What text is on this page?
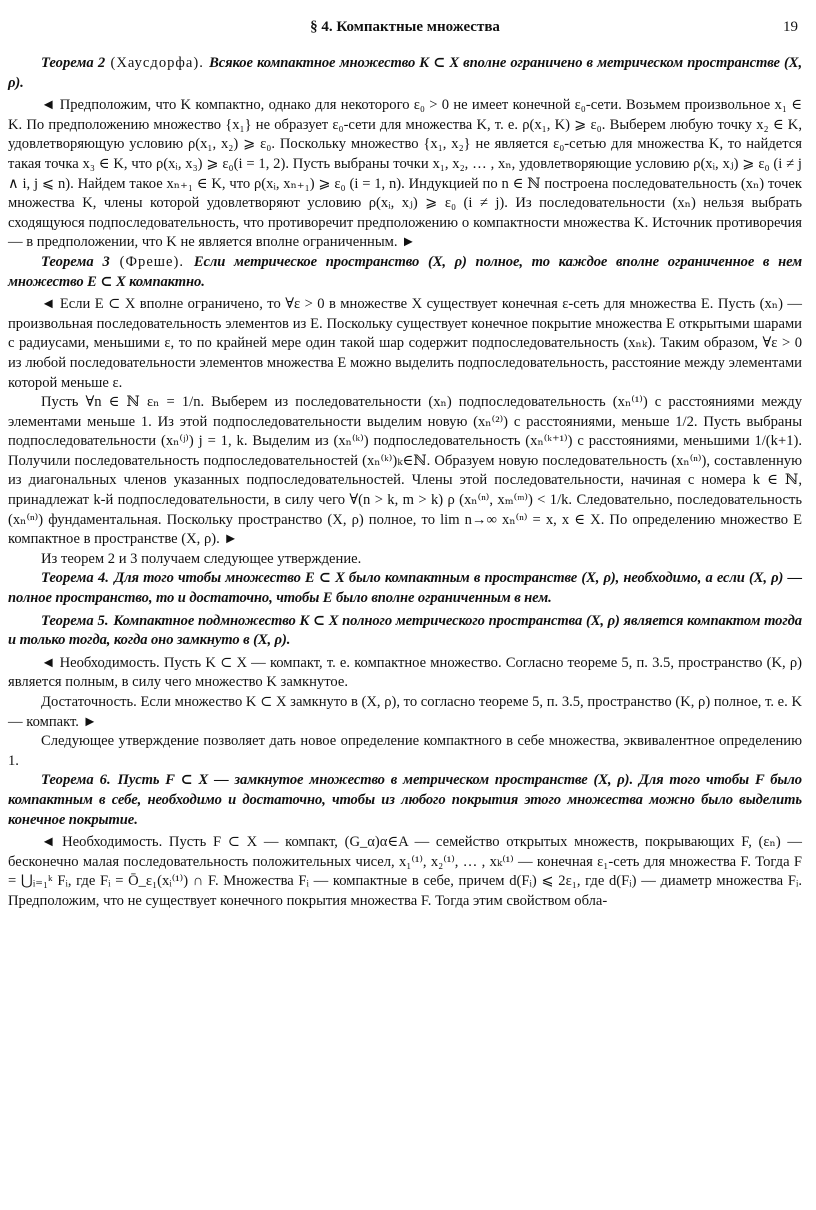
§ 4. Компактные множества	19

Теорема 2 (Хаусдорфа). Всякое компактное множество K ⊂ X вполне ограничено в метрическом пространстве (X, ρ).

◄ Предположим, что K компактно, однако для некоторого ε₀ > 0 не имеет конечной ε₀-сети. Возьмем произвольное x₁ ∈ K. По предположению множество {x₁} не образует ε₀-сети для множества K, т. е. ρ(x₁, K) ⩾ ε₀. Выберем любую точку x₂ ∈ K, удовлетворяющую условию ρ(x₁, x₂) ⩾ ε₀. Поскольку множество {x₁, x₂} не является ε₀-сетью для множества K, то найдется такая точка x₃ ∈ K, что ρ(xᵢ, x₃) ⩾ ε₀(i = 1, 2). Пусть выбраны точки x₁, x₂, … , xₙ, удовлетворяющие условию ρ(xᵢ, xⱼ) ⩾ ε₀ (i ≠ j ∧ i, j ⩽ n). Найдем такое xₙ₊₁ ∈ K, что ρ(xᵢ, xₙ₊₁) ⩾ ε₀ (i = 1, n). Индукцией по n ∈ ℕ построена последовательность (xₙ) точек множества K, члены которой удовлетворяют условию ρ(xᵢ, xⱼ) ⩾ ε₀ (i ≠ j). Из последовательности (xₙ) нельзя выбрать сходящуюся подпоследовательность, что противоречит предположению о компактности множества K. Источник противоречия — в предположении, что K не является вполне ограниченным. ►

Теорема 3 (Фреше). Если метрическое пространство (X, ρ) полное, то каждое вполне ограниченное в нем множество E ⊂ X компактно.

◄ Если E ⊂ X вполне ограничено, то ∀ε > 0 в множестве X существует конечная ε-сеть для множества E. Пусть (xₙ) — произвольная последовательность элементов из E. Поскольку существует конечное покрытие множества E открытыми шарами с радиусами, меньшими ε, то по крайней мере один такой шар содержит подпоследовательность (xₙₖ). Таким образом, ∀ε > 0 из любой последовательности элементов множества E можно выделить подпоследовательность, расстояние между элементами которой меньше ε.

Пусть ∀n ∈ ℕ εₙ = 1/n. Выберем из последовательности (xₙ) подпоследовательность (xₙ⁽¹⁾) с расстояниями между элементами меньше 1. Из этой подпоследовательности выделим новую (xₙ⁽²⁾) с расстояниями, меньше 1/2. Пусть выбраны подпоследовательности (xₙ⁽ʲ⁾) j = 1, k. Выделим из (xₙ⁽ᵏ⁾) подпоследовательность (xₙ⁽ᵏ⁺¹⁾) с расстояниями, меньшими 1/(k+1). Получили последовательность подпоследовательностей (xₙ⁽ᵏ⁾)ₖ∈ℕ. Образуем новую последовательность (xₙ⁽ⁿ⁾), составленную из диагональных членов указанных подпоследовательностей. Члены этой последовательности, начиная с номера k ∈ ℕ, принадлежат k-й подпоследовательности, в силу чего ∀(n > k, m > k) ρ (xₙ⁽ⁿ⁾, xₘ⁽ᵐ⁾) < 1/k. Следовательно, последовательность (xₙ⁽ⁿ⁾) фундаментальная. Поскольку пространство (X, ρ) полное, то lim n→∞ xₙ⁽ⁿ⁾ = x, x ∈ X. По определению множество E компактное в пространстве (X, ρ). ►

Из теорем 2 и 3 получаем следующее утверждение.

Теорема 4. Для того чтобы множество E ⊂ X было компактным в пространстве (X, ρ), необходимо, а если (X, ρ) — полное пространство, то и достаточно, чтобы E было вполне ограниченным в нем.

Теорема 5. Компактное подмножество K ⊂ X полного метрического пространства (X, ρ) является компактом тогда и только тогда, когда оно замкнуто в (X, ρ).

◄ Необходимость. Пусть K ⊂ X — компакт, т. е. компактное множество. Согласно теореме 5, п. 3.5, пространство (K, ρ) является полным, в силу чего множество K замкнутое.

Достаточность. Если множество K ⊂ X замкнуто в (X, ρ), то согласно теореме 5, п. 3.5, пространство (K, ρ) полное, т. е. K — компакт. ►

Следующее утверждение позволяет дать новое определение компактного в себе множества, эквивалентное определению 1.

Теорема 6. Пусть F ⊂ X — замкнутое множество в метрическом пространстве (X, ρ). Для того чтобы F было компактным в себе, необходимо и достаточно, чтобы из любого покрытия этого множества можно было выделить конечное покрытие.

◄ Необходимость. Пусть F ⊂ X — компакт, (G_α)α∈A — семейство открытых множеств, покрывающих F, (εₙ) — бесконечно малая последовательность положительных чисел, x₁⁽¹⁾, x₂⁽¹⁾, … , xₖ⁽¹⁾ — конечная ε₁-сеть для множества F. Тогда F = ⋃ᵢ₌₁ᵏ Fᵢ, где Fᵢ = Ō_ε₁(xᵢ⁽¹⁾) ∩ F. Множества Fᵢ — компактные в себе, причем d(Fᵢ) ⩽ 2ε₁, где d(Fᵢ) — диаметр множества Fᵢ. Предположим, что не существует конечного покрытия множества F. Тогда этим свойством обла-
